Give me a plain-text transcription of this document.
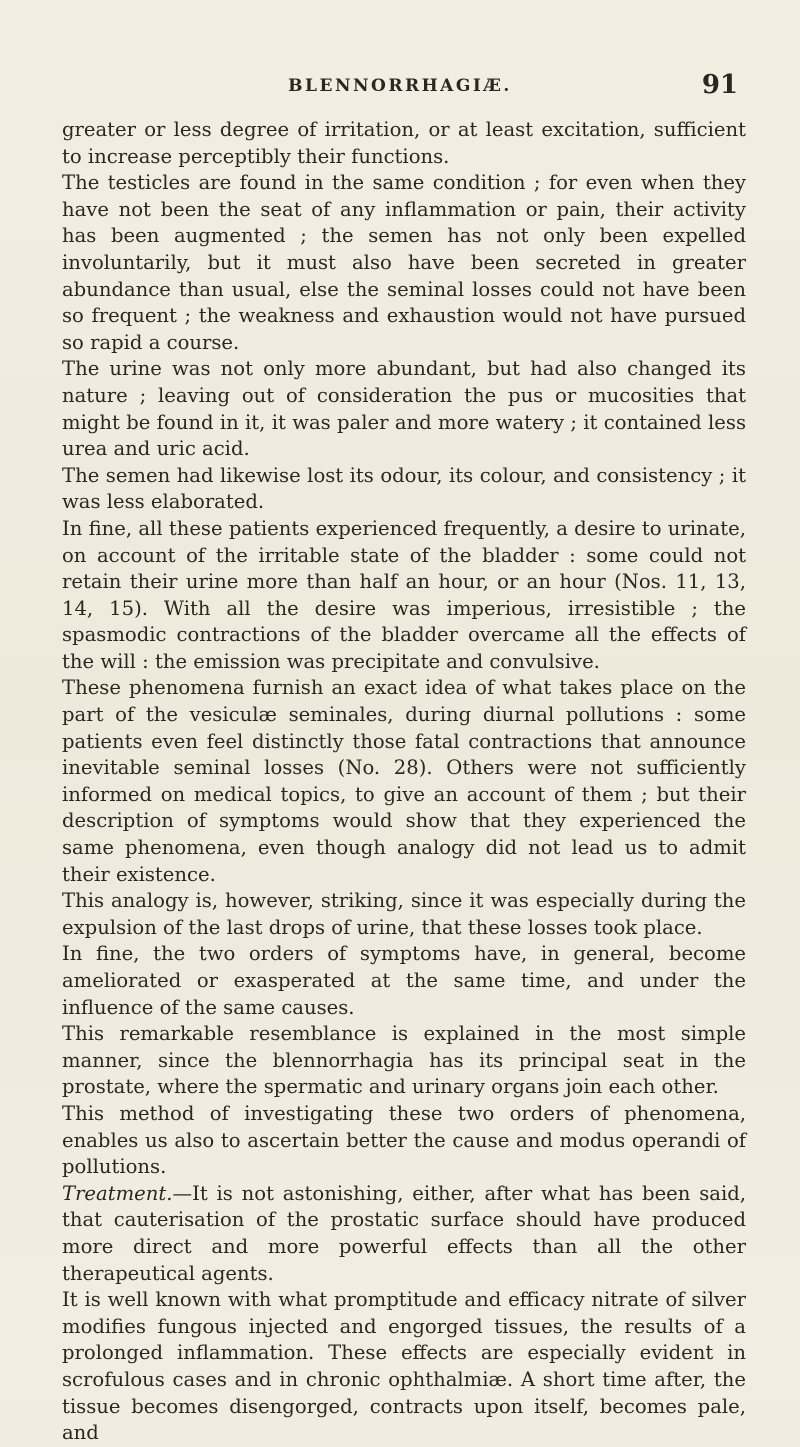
BLENNORRHAGIÆ.	91

greater or less degree of irritation, or at least excitation, sufficient to increase perceptibly their functions.

The testicles are found in the same condition ; for even when they have not been the seat of any inflammation or pain, their activity has been augmented ; the semen has not only been expelled involuntarily, but it must also have been secreted in greater abundance than usual, else the seminal losses could not have been so frequent ; the weakness and exhaustion would not have pursued so rapid a course.

The urine was not only more abundant, but had also changed its nature ; leaving out of consideration the pus or mucosities that might be found in it, it was paler and more watery ; it contained less urea and uric acid.

The semen had likewise lost its odour, its colour, and consistency ; it was less elaborated.

In fine, all these patients experienced frequently, a desire to urinate, on account of the irritable state of the bladder : some could not retain their urine more than half an hour, or an hour (Nos. 11, 13, 14, 15). With all the desire was imperious, irresistible ; the spasmodic contractions of the bladder overcame all the effects of the will : the emission was precipitate and convulsive.

These phenomena furnish an exact idea of what takes place on the part of the vesiculæ seminales, during diurnal pollutions : some patients even feel distinctly those fatal contractions that announce inevitable seminal losses (No. 28). Others were not sufficiently informed on medical topics, to give an account of them ; but their description of symptoms would show that they experienced the same phenomena, even though analogy did not lead us to admit their existence.

This analogy is, however, striking, since it was especially during the expulsion of the last drops of urine, that these losses took place.

In fine, the two orders of symptoms have, in general, become ameliorated or exasperated at the same time, and under the influence of the same causes.

This remarkable resemblance is explained in the most simple manner, since the blennorrhagia has its principal seat in the prostate, where the spermatic and urinary organs join each other.

This method of investigating these two orders of phenomena, enables us also to ascertain better the cause and modus operandi of pollutions.

Treatment.—It is not astonishing, either, after what has been said, that cauterisation of the prostatic surface should have produced more direct and more powerful effects than all the other therapeutical agents.

It is well known with what promptitude and efficacy nitrate of silver modifies fungous injected and engorged tissues, the results of a prolonged inflammation. These effects are especially evident in scrofulous cases and in chronic ophthalmiæ. A short time after, the tissue becomes disengorged, contracts upon itself, becomes pale, and
